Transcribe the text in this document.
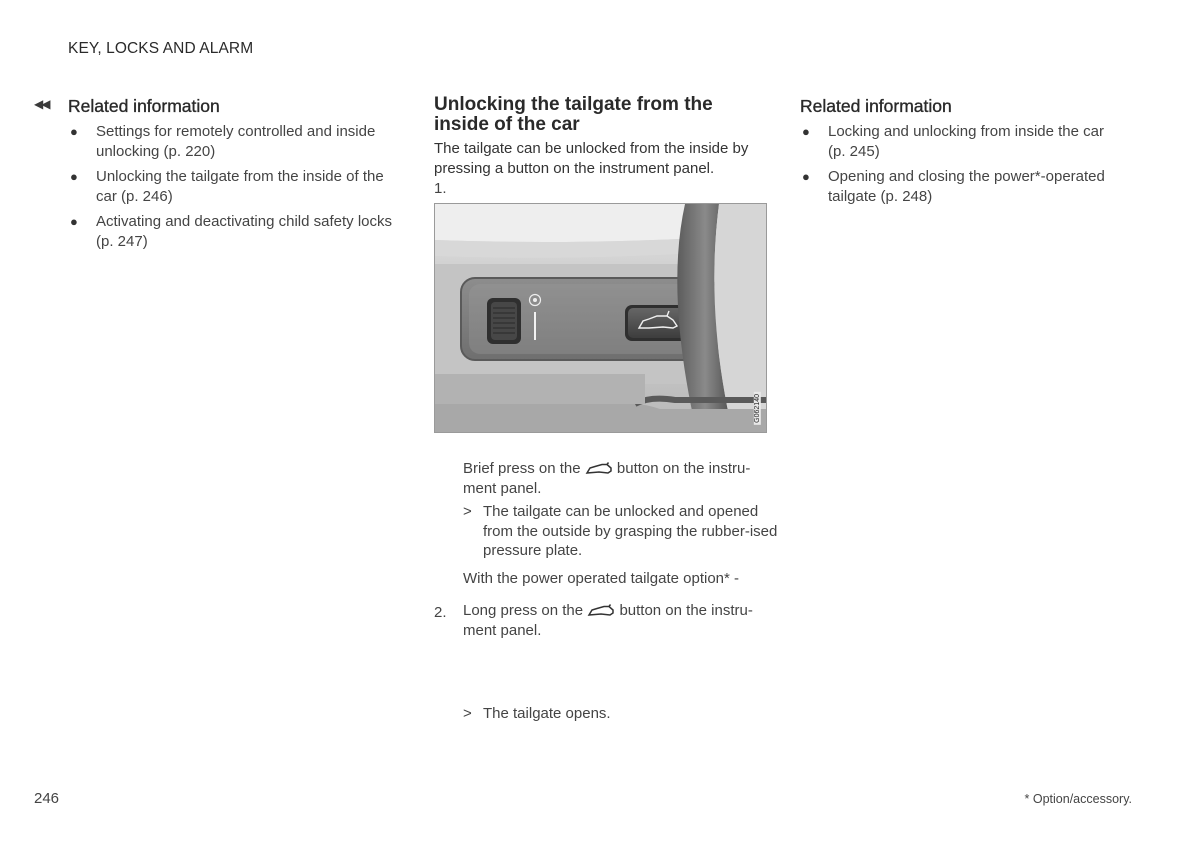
KEY, LOCKS AND ALARM
◀◀ Related information
● Settings for remotely controlled and inside unlocking (p. 220)
● Unlocking the tailgate from the inside of the car (p. 246)
● Activating and deactivating child safety locks (p. 247)
Unlocking the tailgate from the inside of the car
The tailgate can be unlocked from the inside by pressing a button on the instrument panel.
1.
G062140
Brief press on the button on the instru-
ment panel.
> The tailgate can be unlocked and opened from the outside by grasping the rubber-ised pressure plate.
With the power operated tailgate option* -
2. Long press on the button on the instru-
ment panel.
> The tailgate opens.
Related information
● Locking and unlocking from inside the car (p. 245)
● Opening and closing the power*-operated tailgate (p. 248)
246	* Option/accessory.
